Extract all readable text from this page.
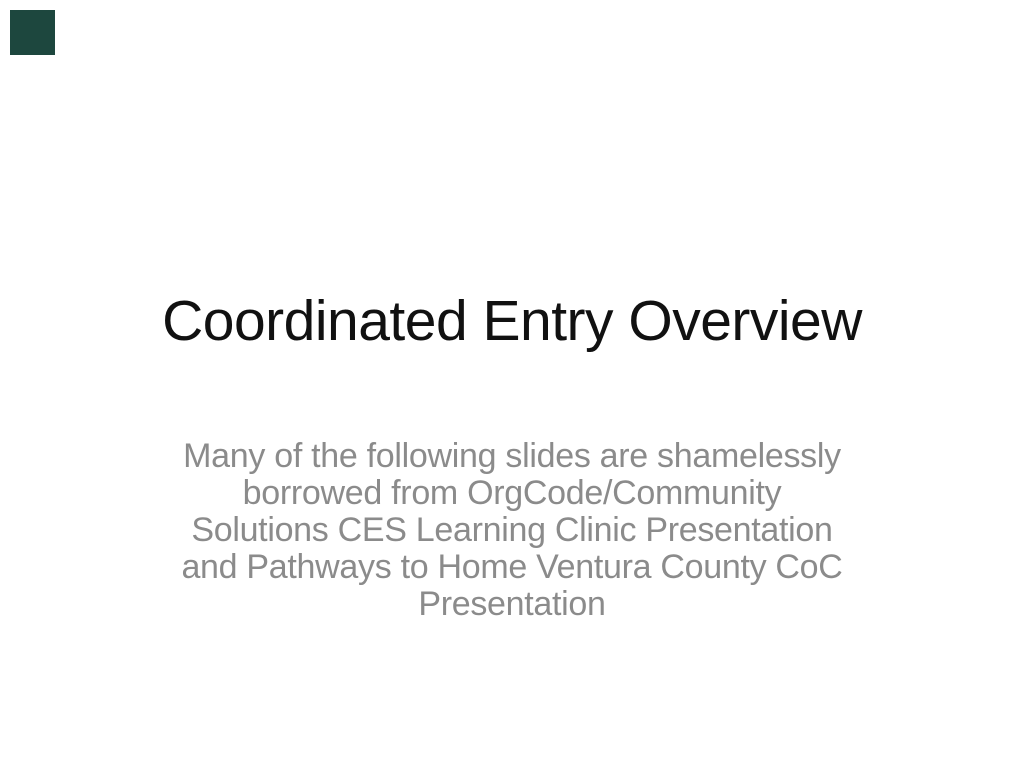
Coordinated Entry Overview
Many of the following slides are shamelessly
borrowed from OrgCode/Community
Solutions CES Learning Clinic Presentation
and Pathways to Home Ventura County CoC
Presentation
